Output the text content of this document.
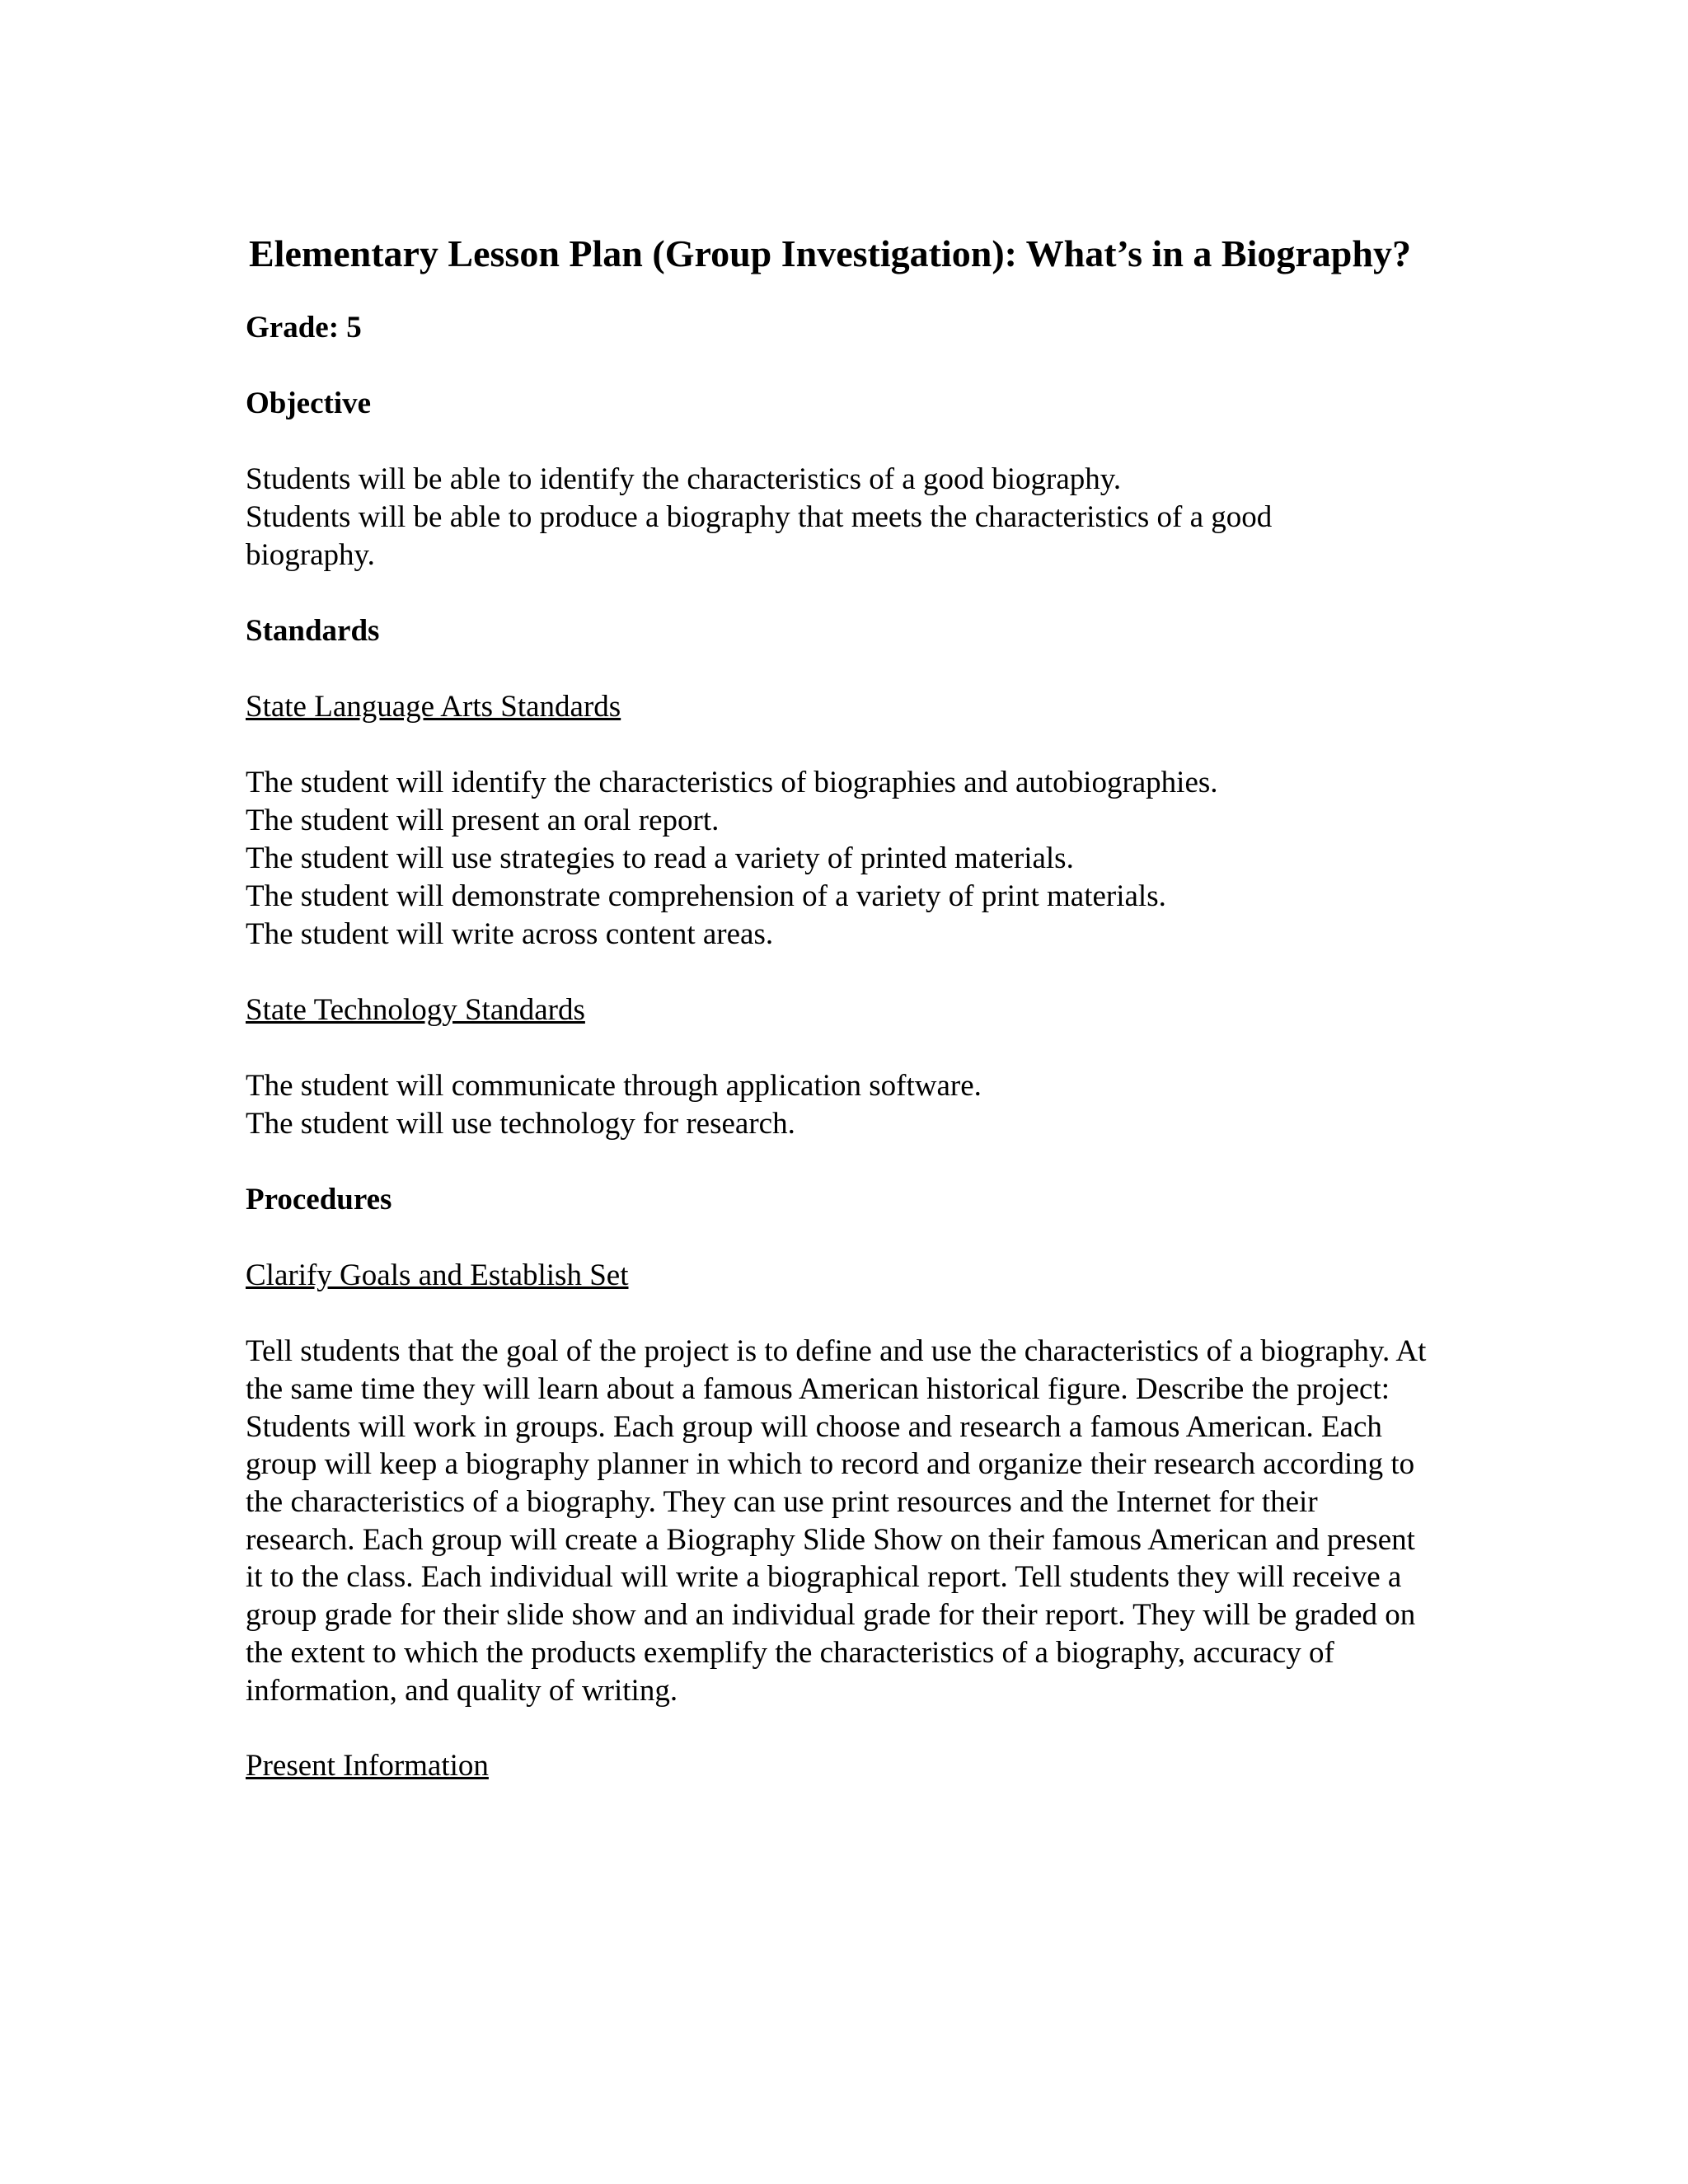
Elementary Lesson Plan (Group Investigation): What’s in a Biography?
Grade: 5
Objective
Students will be able to identify the characteristics of a good biography.
Students will be able to produce a biography that meets the characteristics of a good
biography.
Standards
State Language Arts Standards
The student will identify the characteristics of biographies and autobiographies.
The student will present an oral report.
The student will use strategies to read a variety of printed materials.
The student will demonstrate comprehension of a variety of print materials.
The student will write across content areas.
State Technology Standards
The student will communicate through application software.
The student will use technology for research.
Procedures
Clarify Goals and Establish Set

Tell students that the goal of the project is to define and use the characteristics of a biography. At the same time they will learn about a famous American historical figure. Describe the project: Students will work in groups. Each group will choose and research a famous American. Each group will keep a biography planner in which to record and organize their research according to the characteristics of a biography. They can use print resources and the Internet for their research. Each group will create a Biography Slide Show on their famous American and present it to the class. Each individual will write a biographical report. Tell students they will receive a group grade for their slide show and an individual grade for their report. They will be graded on the extent to which the products exemplify the characteristics of a biography, accuracy of information, and quality of writing.

Present Information
